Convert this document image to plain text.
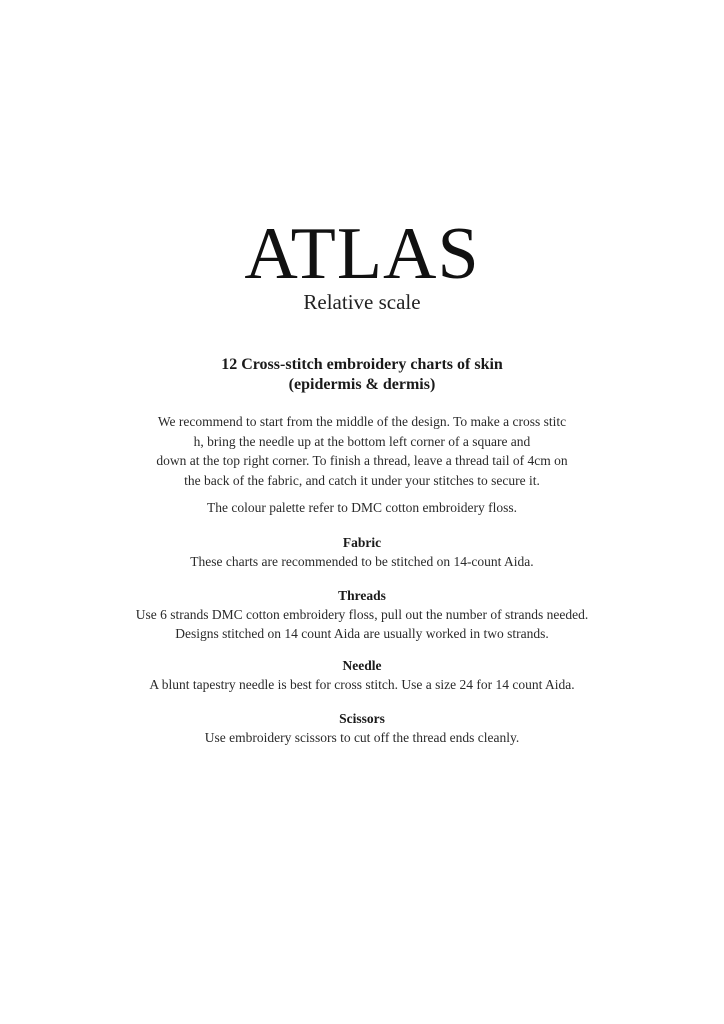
ATLAS
Relative scale
12 Cross-stitch embroidery charts of skin
(epidermis & dermis)
We recommend to start from the middle of the design. To make a cross stitc
h, bring the needle up at the bottom left corner of a square and
down at the top right corner. To finish a thread, leave a thread tail of 4cm on
the back of the fabric, and catch it under your stitches to secure it.
The colour palette refer to DMC cotton embroidery floss.
Fabric
These charts are recommended to be stitched on 14-count Aida.
Threads
Use 6 strands DMC cotton embroidery floss, pull out the number of strands needed.
Designs stitched on 14 count Aida are usually worked in two strands.
Needle
A blunt tapestry needle is best for cross stitch. Use a size 24 for 14 count Aida.
Scissors
Use embroidery scissors to cut off the thread ends cleanly.
